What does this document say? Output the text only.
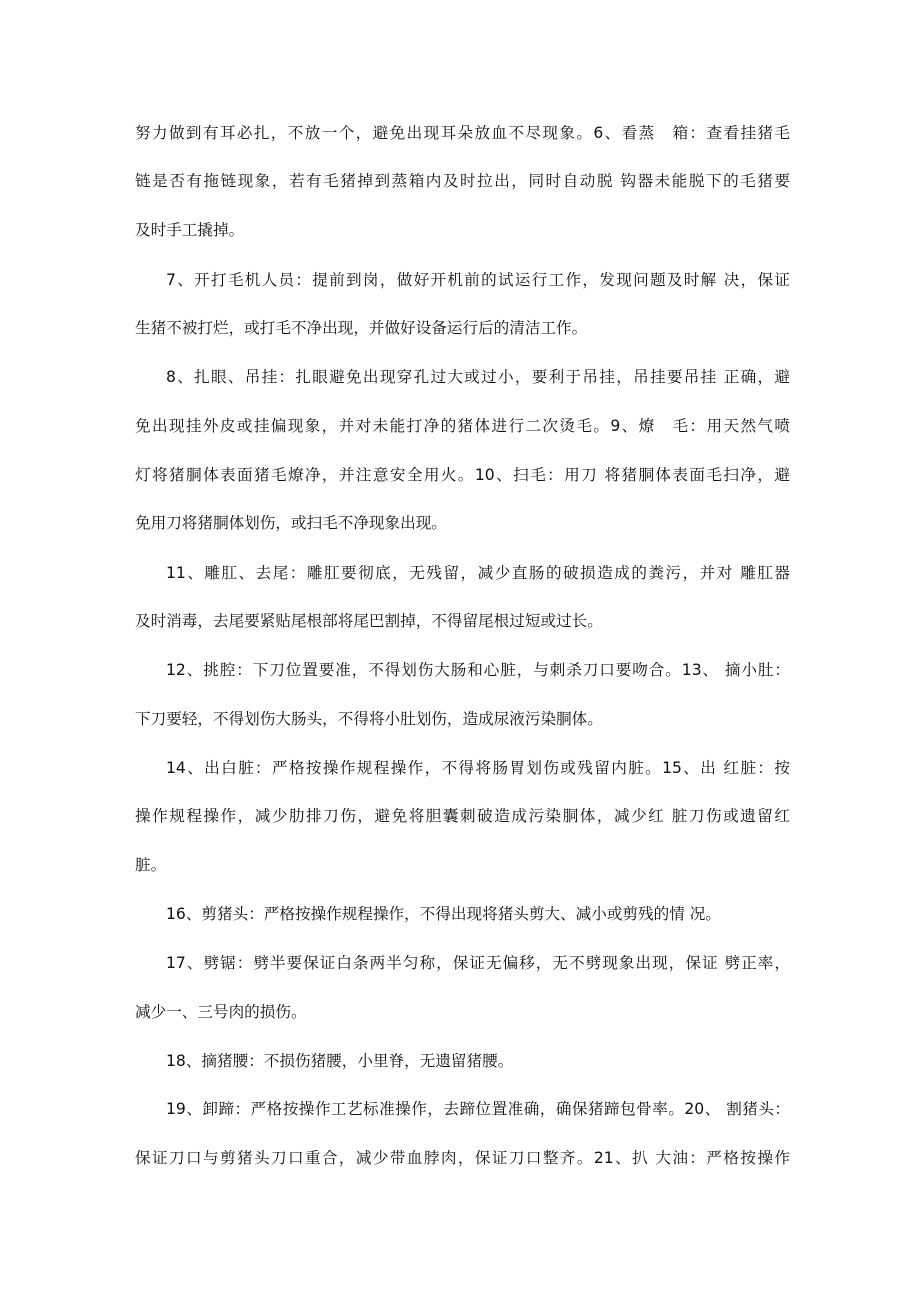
努力做到有耳必扎，不放一个，避免出现耳朵放血不尽现象。6、看蒸　箱：查看挂猪毛
链是否有拖链现象，若有毛猪掉到蒸箱内及时拉出，同时自动脱 钩器未能脱下的毛猪要
及时手工撬掉。
7、开打毛机人员：提前到岗，做好开机前的试运行工作，发现问题及时解 决，保证
生猪不被打烂，或打毛不净出现，并做好设备运行后的清洁工作。
8、扎眼、吊挂：扎眼避免出现穿孔过大或过小，要利于吊挂，吊挂要吊挂 正确，避
免出现挂外皮或挂偏现象，并对未能打净的猪体进行二次烫毛。9、燎　毛：用天然气喷
灯将猪胴体表面猪毛燎净，并注意安全用火。10、扫毛：用刀 将猪胴体表面毛扫净，避
免用刀将猪胴体划伤，或扫毛不净现象出现。
11、雕肛、去尾：雕肛要彻底，无残留，减少直肠的破损造成的粪污，并对 雕肛器
及时消毒，去尾要紧贴尾根部将尾巴割掉，不得留尾根过短或过长。
12、挑腔：下刀位置要准，不得划伤大肠和心脏，与刺杀刀口要吻合。13、 摘小肚：
下刀要轻，不得划伤大肠头，不得将小肚划伤，造成尿液污染胴体。
14、出白脏：严格按操作规程操作，不得将肠胃划伤或残留内脏。15、出 红脏：按
操作规程操作，减少肋排刀伤，避免将胆囊刺破造成污染胴体，减少红 脏刀伤或遗留红
脏。
16、剪猪头：严格按操作规程操作，不得出现将猪头剪大、减小或剪残的情 况。
17、劈锯：劈半要保证白条两半匀称，保证无偏移，无不劈现象出现，保证 劈正率，
减少一、三号肉的损伤。
18、摘猪腰：不损伤猪腰，小里脊，无遗留猪腰。
19、卸蹄：严格按操作工艺标准操作，去蹄位置准确，确保猪蹄包骨率。20、 割猪头：
保证刀口与剪猪头刀口重合，减少带血脖肉，保证刀口整齐。21、扒 大油：严格按操作
